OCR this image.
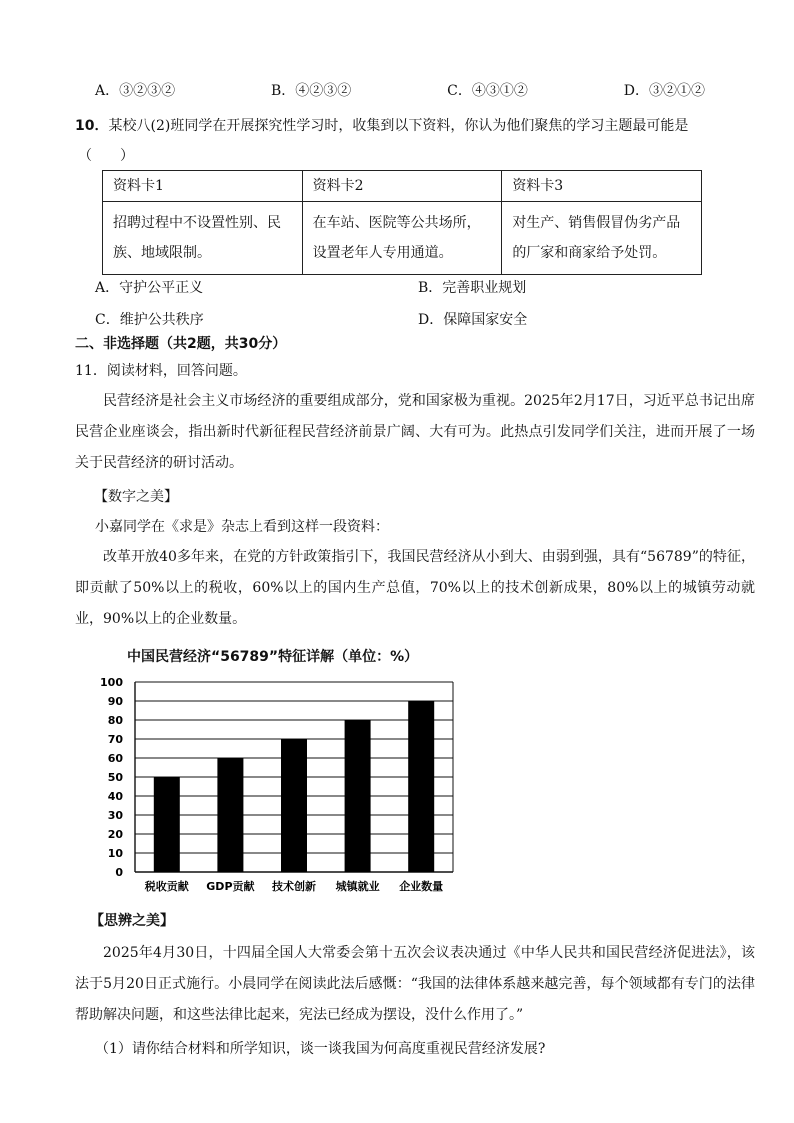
A．③②③②	B．④②③②	C．④③①②	D．③②①②
10．某校八(2)班同学在开展探究性学习时，收集到以下资料，你认为他们聚焦的学习主题最可能是
（　　）
资料卡1	资料卡2	资料卡3
招聘过程中不设置性别、民族、地域限制。	在车站、医院等公共场所，设置老年人专用通道。	对生产、销售假冒伪劣产品的厂家和商家给予处罚。
A．守护公平正义	B．完善职业规划
C．维护公共秩序	D．保障国家安全
二、非选择题（共2题，共30分）
11．阅读材料，回答问题。
民营经济是社会主义市场经济的重要组成部分，党和国家极为重视。2025年2月17日，习近平总书记出席民营企业座谈会，指出新时代新征程民营经济前景广阔、大有可为。此热点引发同学们关注，进而开展了一场关于民营经济的研讨活动。
【数字之美】
小嘉同学在《求是》杂志上看到这样一段资料：
改革开放40多年来，在党的方针政策指引下，我国民营经济从小到大、由弱到强，具有“56789”的特征，即贡献了50%以上的税收，60%以上的国内生产总值，70%以上的技术创新成果，80%以上的城镇劳动就业，90%以上的企业数量。
中国民营经济“56789”特征详解（单位：%）
0
10
20
30
40
50
60
70
80
90
100
税收贡献 GDP贡献 技术创新 城镇就业 企业数量
【思辨之美】
2025年4月30日，十四届全国人大常委会第十五次会议表决通过《中华人民共和国民营经济促进法》，该法于5月20日正式施行。小晨同学在阅读此法后感慨：“我国的法律体系越来越完善，每个领域都有专门的法律帮助解决问题，和这些法律比起来，宪法已经成为摆设，没什么作用了。”
（1）请你结合材料和所学知识，谈一谈我国为何高度重视民营经济发展?
